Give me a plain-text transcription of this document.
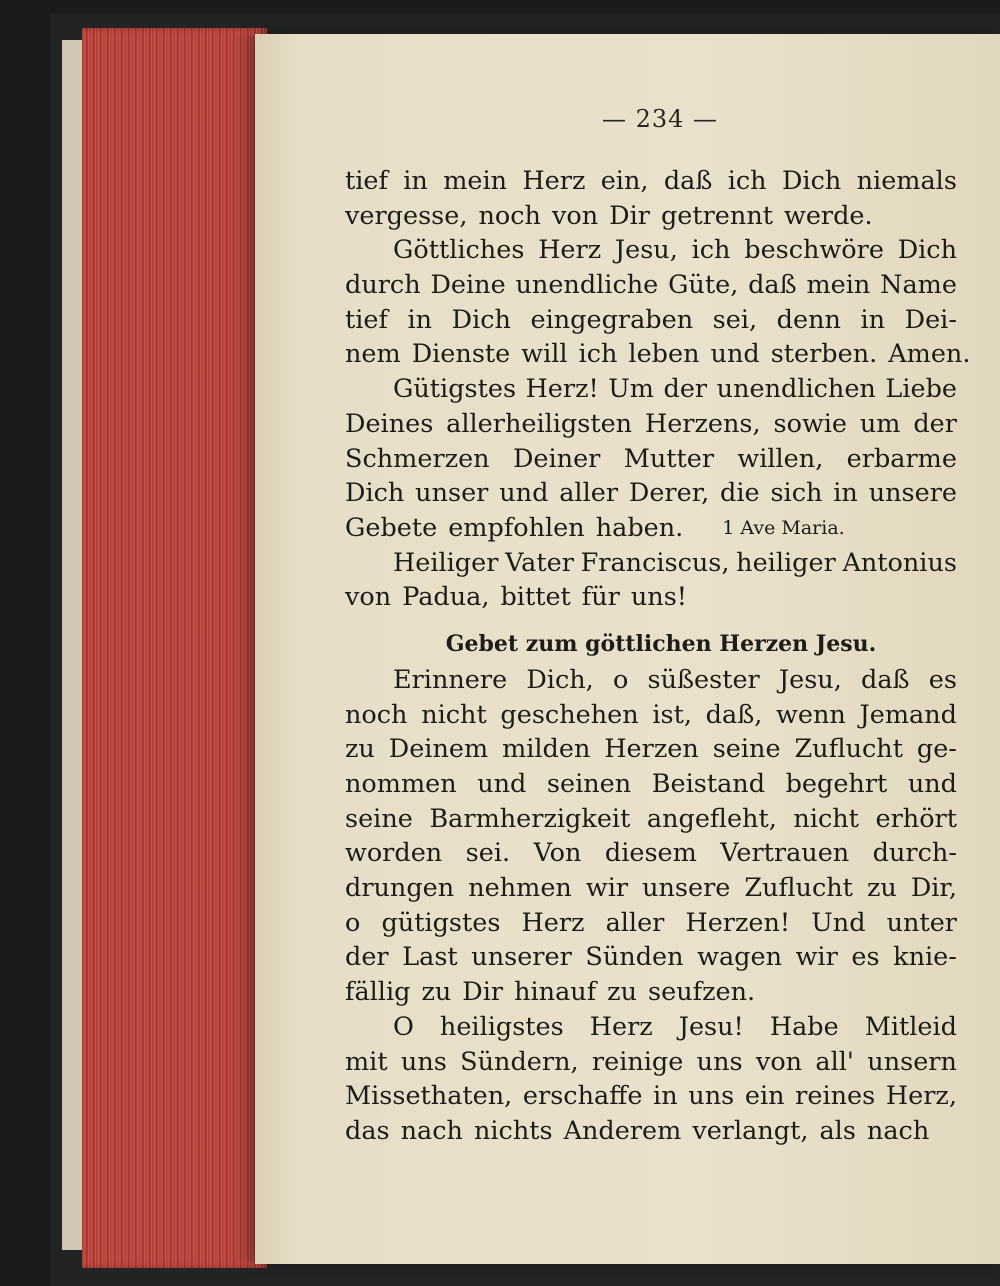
— 234 —
tief in mein Herz ein, daß ich Dich niemals
vergesse, noch von Dir getrennt werde.
Göttliches Herz Jesu, ich beschwöre Dich
durch Deine unendliche Güte, daß mein Name
tief in Dich eingegraben sei, denn in Dei-
nem Dienste will ich leben und sterben. Amen.
Gütigstes Herz! Um der unendlichen Liebe
Deines allerheiligsten Herzens, sowie um der
Schmerzen Deiner Mutter willen, erbarme
Dich unser und aller Derer, die sich in unsere
Gebete empfohlen haben. 1 Ave Maria.
Heiliger Vater Franciscus, heiliger Antonius
von Padua, bittet für uns!
Gebet zum göttlichen Herzen Jesu.
Erinnere Dich, o süßester Jesu, daß es
noch nicht geschehen ist, daß, wenn Jemand
zu Deinem milden Herzen seine Zuflucht ge-
nommen und seinen Beistand begehrt und
seine Barmherzigkeit angefleht, nicht erhört
worden sei. Von diesem Vertrauen durch-
drungen nehmen wir unsere Zuflucht zu Dir,
o gütigstes Herz aller Herzen! Und unter
der Last unserer Sünden wagen wir es knie-
fällig zu Dir hinauf zu seufzen.
O heiligstes Herz Jesu! Habe Mitleid
mit uns Sündern, reinige uns von all' unsern
Missethaten, erschaffe in uns ein reines Herz,
das nach nichts Anderem verlangt, als nach
